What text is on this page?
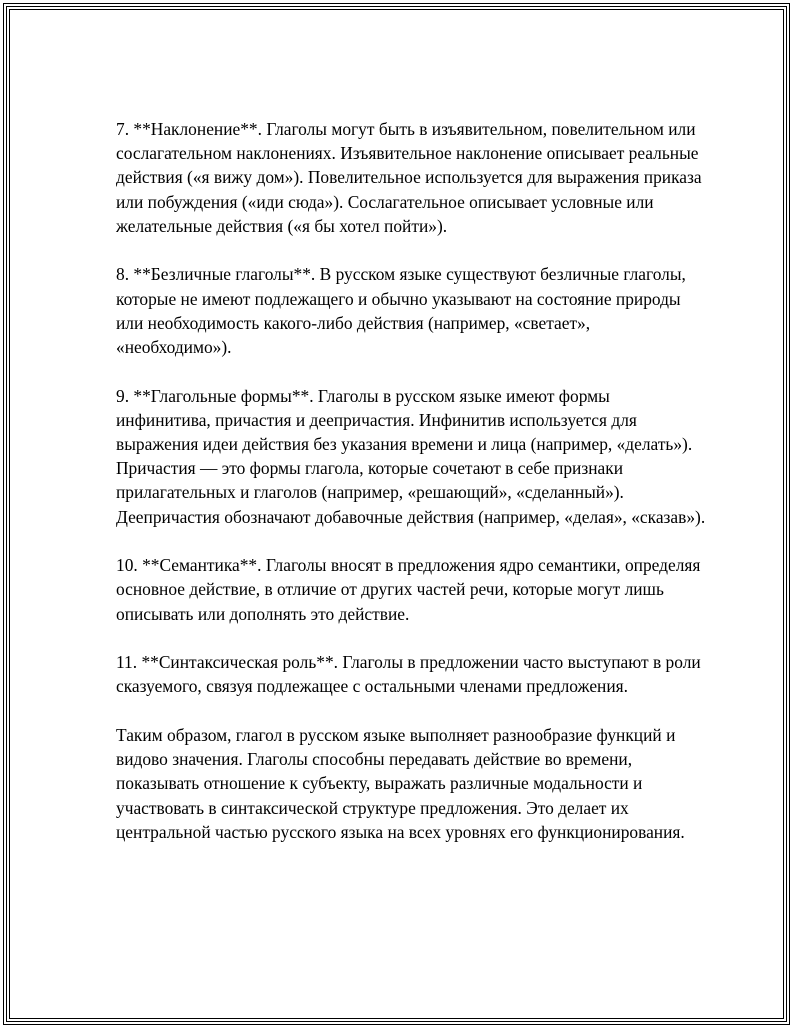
7. **Наклонение**. Глаголы могут быть в изъявительном, повелительном или сослагательном наклонениях. Изъявительное наклонение описывает реальные действия («я вижу дом»). Повелительное используется для выражения приказа или побуждения («иди сюда»). Сослагательное описывает условные или желательные действия («я бы хотел пойти»).

8. **Безличные глаголы**. В русском языке существуют безличные глаголы, которые не имеют подлежащего и обычно указывают на состояние природы или необходимость какого-либо действия (например, «светает», «необходимо»).

9. **Глагольные формы**. Глаголы в русском языке имеют формы инфинитива, причастия и деепричастия. Инфинитив используется для выражения идеи действия без указания времени и лица (например, «делать»). Причастия — это формы глагола, которые сочетают в себе признаки прилагательных и глаголов (например, «решающий», «сделанный»). Деепричастия обозначают добавочные действия (например, «делая», «сказав»).

10. **Семантика**. Глаголы вносят в предложения ядро семантики, определяя основное действие, в отличие от других частей речи, которые могут лишь описывать или дополнять это действие.

11. **Синтаксическая роль**. Глаголы в предложении часто выступают в роли сказуемого, связуя подлежащее с остальными членами предложения.

Таким образом, глагол в русском языке выполняет разнообразие функций и видово значения. Глаголы способны передавать действие во времени, показывать отношение к субъекту, выражать различные модальности и участвовать в синтаксической структуре предложения. Это делает их центральной частью русского языка на всех уровнях его функционирования.
